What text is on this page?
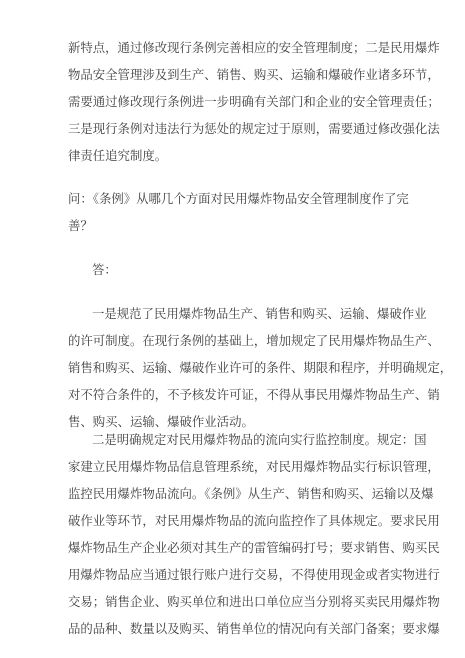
新特点，通过修改现行条例完善相应的安全管理制度；二是民用爆炸
物品安全管理涉及到生产、销售、购买、运输和爆破作业诸多环节，
需要通过修改现行条例进一步明确有关部门和企业的安全管理责任；
三是现行条例对违法行为惩处的规定过于原则，需要通过修改强化法
律责任追究制度。
问：《条例》从哪几个方面对民用爆炸物品安全管理制度作了完
善？
答：
一是规范了民用爆炸物品生产、销售和购买、运输、爆破作业
的许可制度。在现行条例的基础上，增加规定了民用爆炸物品生产、
销售和购买、运输、爆破作业许可的条件、期限和程序，并明确规定，
对不符合条件的，不予核发许可证，不得从事民用爆炸物品生产、销
售、购买、运输、爆破作业活动。
二是明确规定对民用爆炸物品的流向实行监控制度。规定：国
家建立民用爆炸物品信息管理系统，对民用爆炸物品实行标识管理，
监控民用爆炸物品流向。《条例》从生产、销售和购买、运输以及爆
破作业等环节，对民用爆炸物品的流向监控作了具体规定。要求民用
爆炸物品生产企业必须对其生产的雷管编码打号；要求销售、购买民
用爆炸物品应当通过银行账户进行交易，不得使用现金或者实物进行
交易；销售企业、购买单位和进出口单位应当分别将买卖民用爆炸物
品的品种、数量以及购买、销售单位的情况向有关部门备案；要求爆
